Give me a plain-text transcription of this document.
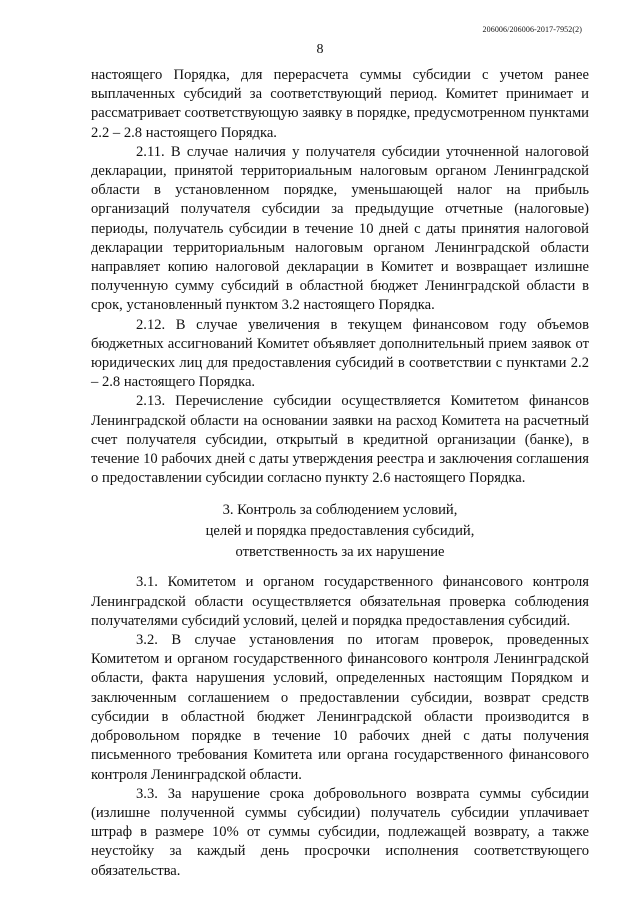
206006/206006-2017-7952(2)
8

настоящего Порядка, для перерасчета суммы субсидии с учетом ранее выплаченных субсидий за соответствующий период. Комитет принимает и рассматривает соответствующую заявку в порядке, предусмотренном пунктами 2.2 – 2.8 настоящего Порядка.

2.11. В случае наличия у получателя субсидии уточненной налоговой декларации, принятой территориальным налоговым органом Ленинградской области в установленном порядке, уменьшающей налог на прибыль организаций получателя субсидии за предыдущие отчетные (налоговые) периоды, получатель субсидии в течение 10 дней с даты принятия налоговой декларации территориальным налоговым органом Ленинградской области направляет копию налоговой декларации в Комитет и возвращает излишне полученную сумму субсидий в областной бюджет Ленинградской области в срок, установленный пунктом 3.2 настоящего Порядка.

2.12. В случае увеличения в текущем финансовом году объемов бюджетных ассигнований Комитет объявляет дополнительный прием заявок от юридических лиц для предоставления субсидий в соответствии с пунктами 2.2 – 2.8 настоящего Порядка.

2.13. Перечисление субсидии осуществляется Комитетом финансов Ленинградской области на основании заявки на расход Комитета на расчетный счет получателя субсидии, открытый в кредитной организации (банке), в течение 10 рабочих дней с даты утверждения реестра и заключения соглашения о предоставлении субсидии согласно пункту 2.6 настоящего Порядка.

3. Контроль за соблюдением условий,
целей и порядка предоставления субсидий,
ответственность за их нарушение

3.1. Комитетом и органом государственного финансового контроля Ленинградской области осуществляется обязательная проверка соблюдения получателями субсидий условий, целей и порядка предоставления субсидий.

3.2. В случае установления по итогам проверок, проведенных Комитетом и органом государственного финансового контроля Ленинградской области, факта нарушения условий, определенных настоящим Порядком и заключенным соглашением о предоставлении субсидии, возврат средств субсидии в областной бюджет Ленинградской области производится в добровольном порядке в течение 10 рабочих дней с даты получения письменного требования Комитета или органа государственного финансового контроля Ленинградской области.

3.3. За нарушение срока добровольного возврата суммы субсидии (излишне полученной суммы субсидии) получатель субсидии уплачивает штраф в размере 10% от суммы субсидии, подлежащей возврату, а также неустойку за каждый день просрочки исполнения соответствующего обязательства.
